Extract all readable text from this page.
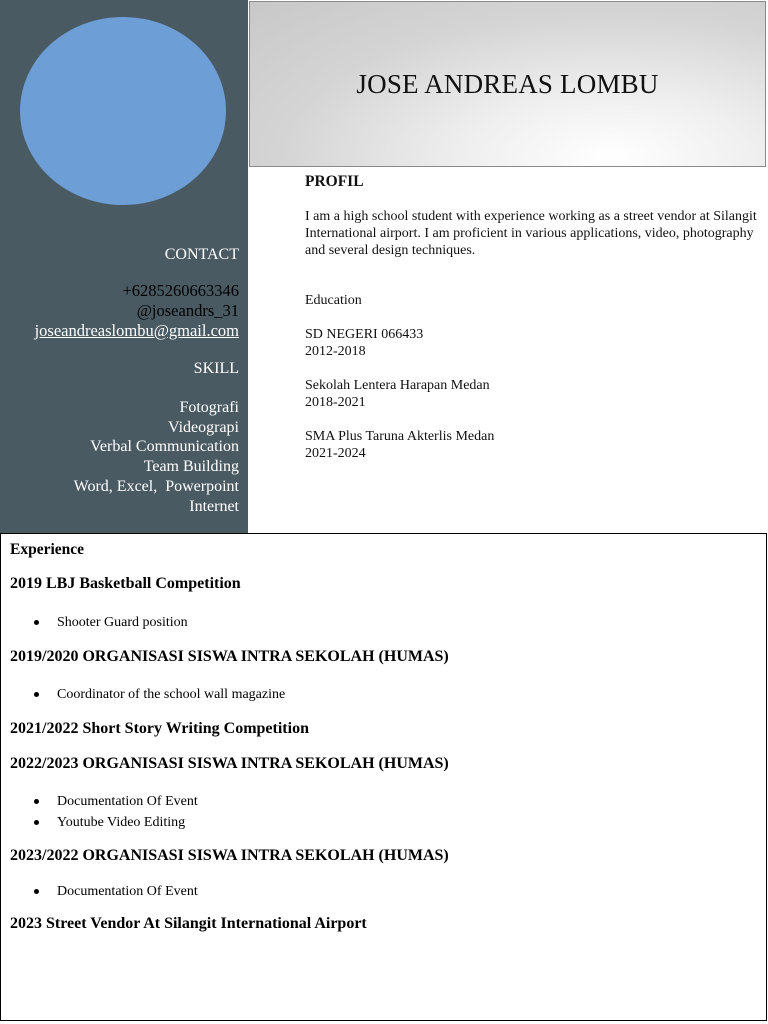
CONTACT
+6285260663346
@joseandrs_31
joseandreaslombu@gmail.com
SKILL
Fotografi
Videograpi
Verbal Communication
Team Building
Word, Excel,  Powerpoint
Internet
JOSE ANDREAS LOMBU
PROFIL
I am a high school student with experience working as a street vendor at Silangit International airport. I am proficient in various applications, video, photography and several design techniques.
Education
SD NEGERI 066433
2012-2018
Sekolah Lentera Harapan Medan
2018-2021
SMA Plus Taruna Akterlis Medan
2021-2024
Experience
2019 LBJ Basketball Competition
Shooter Guard position
2019/2020 ORGANISASI SISWA INTRA SEKOLAH (HUMAS)
Coordinator of the school wall magazine
2021/2022 Short Story Writing Competition
2022/2023 ORGANISASI SISWA INTRA SEKOLAH (HUMAS)
Documentation Of Event
Youtube Video Editing
2023/2022 ORGANISASI SISWA INTRA SEKOLAH (HUMAS)
Documentation Of Event
2023 Street Vendor At Silangit International Airport
